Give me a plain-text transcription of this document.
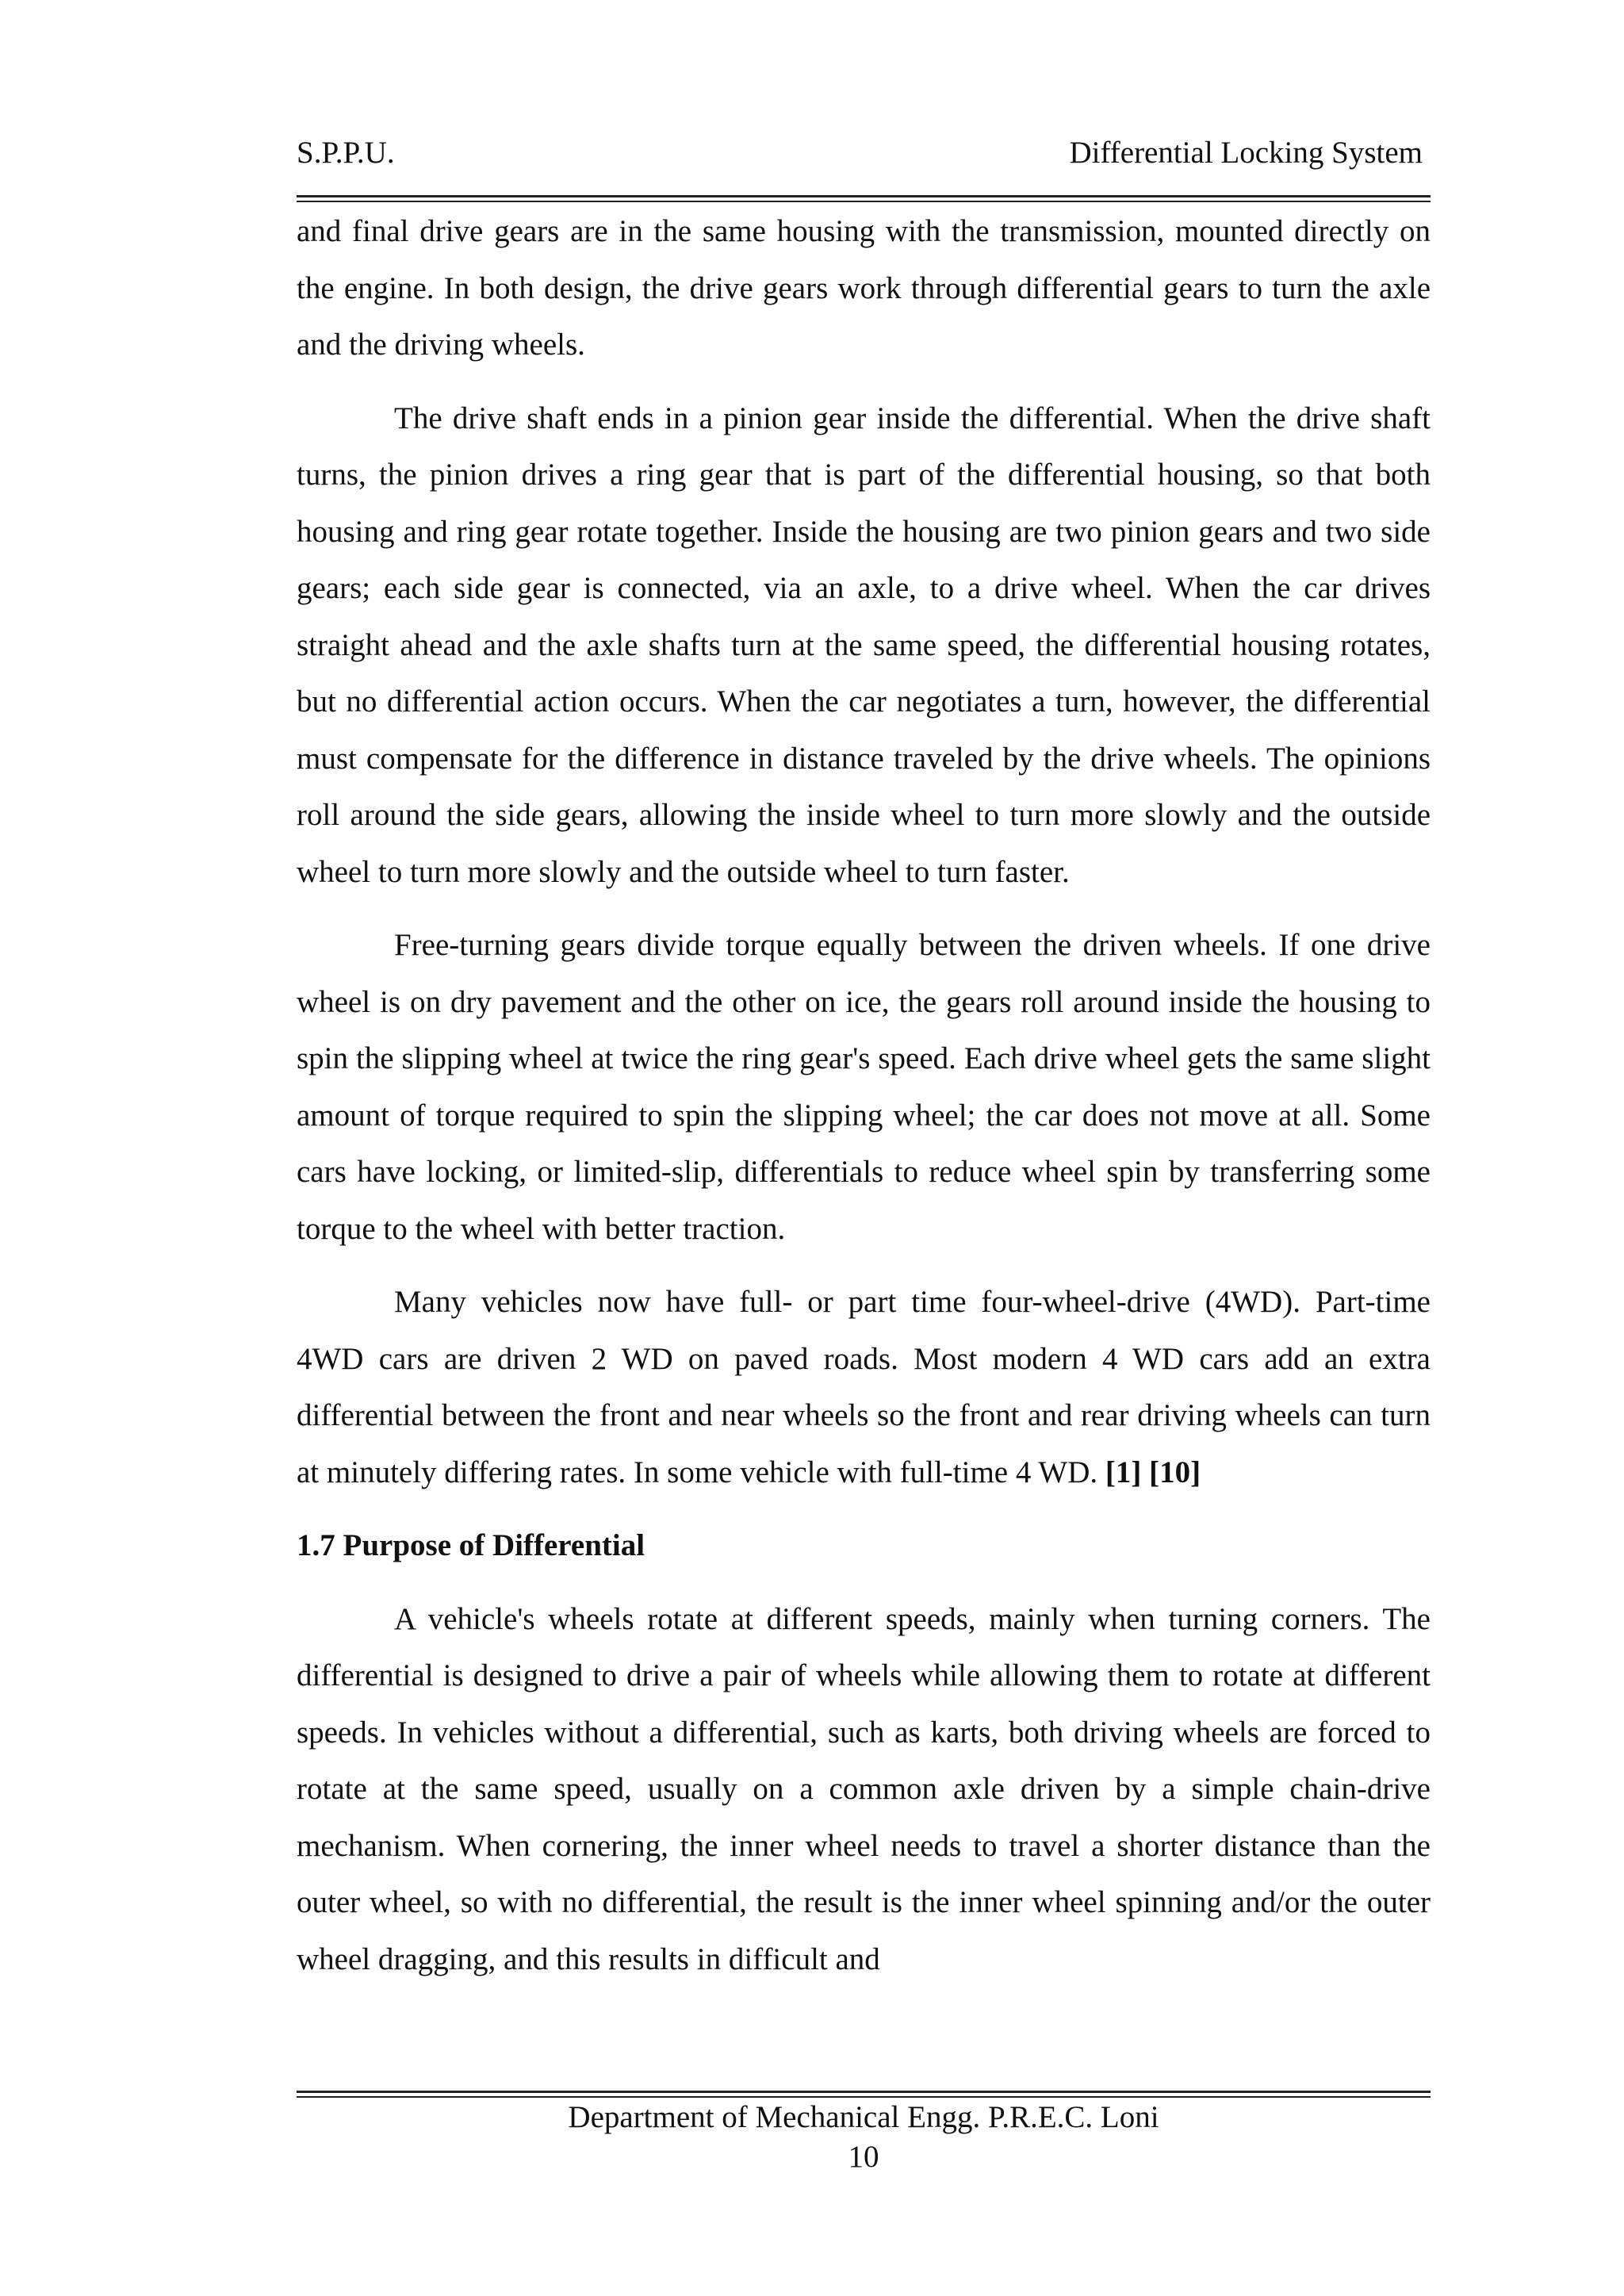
S.P.P.U.	Differential Locking System

and final drive gears are in the same housing with the transmission, mounted directly on the engine. In both design, the drive gears work through differential gears to turn the axle and the driving wheels.

The drive shaft ends in a pinion gear inside the differential. When the drive shaft turns, the pinion drives a ring gear that is part of the differential housing, so that both housing and ring gear rotate together. Inside the housing are two pinion gears and two side gears; each side gear is connected, via an axle, to a drive wheel. When the car drives straight ahead and the axle shafts turn at the same speed, the differential housing rotates, but no differential action occurs. When the car negotiates a turn, however, the differential must compensate for the difference in distance traveled by the drive wheels. The opinions roll around the side gears, allowing the inside wheel to turn more slowly and the outside wheel to turn more slowly and the outside wheel to turn faster.

Free-turning gears divide torque equally between the driven wheels. If one drive wheel is on dry pavement and the other on ice, the gears roll around inside the housing to spin the slipping wheel at twice the ring gear's speed. Each drive wheel gets the same slight amount of torque required to spin the slipping wheel; the car does not move at all. Some cars have locking, or limited-slip, differentials to reduce wheel spin by transferring some torque to the wheel with better traction.

Many vehicles now have full- or part time four-wheel-drive (4WD). Part-time 4WD cars are driven 2 WD on paved roads. Most modern 4 WD cars add an extra differential between the front and near wheels so the front and rear driving wheels can turn at minutely differing rates. In some vehicle with full-time 4 WD. [1] [10]

1.7 Purpose of Differential

A vehicle's wheels rotate at different speeds, mainly when turning corners. The differential is designed to drive a pair of wheels while allowing them to rotate at different speeds. In vehicles without a differential, such as karts, both driving wheels are forced to rotate at the same speed, usually on a common axle driven by a simple chain-drive mechanism. When cornering, the inner wheel needs to travel a shorter distance than the outer wheel, so with no differential, the result is the inner wheel spinning and/or the outer wheel dragging, and this results in difficult and

Department of Mechanical Engg. P.R.E.C. Loni
10
